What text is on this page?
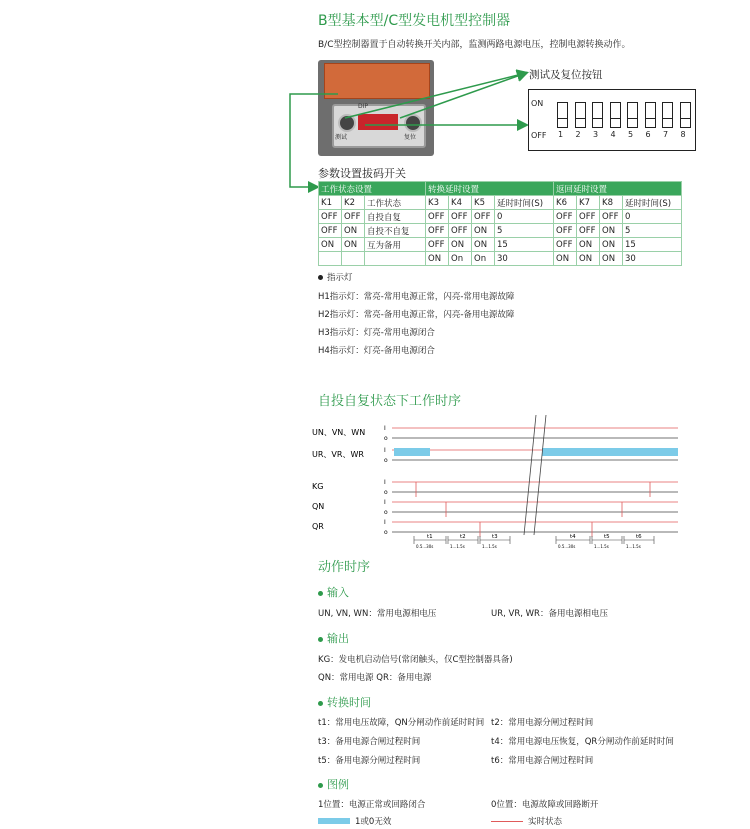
B型基本型/C型发电机型控制器
B/C型控制器置于自动转换开关内部，监测两路电源电压，控制电源转换动作。
DIP
测试	复位
测试及复位按钮
ON
OFF 1 2 3 4 5 6 7 8
参数设置拔码开关
工作状态设置			转换延时设置				返回延时设置			
K1	K2	工作状态	K3	K4	K5	延时时间(S)	K6	K7	K8	延时时间(S)
OFF	OFF	自投自复	OFF	OFF	OFF	0	OFF	OFF	OFF	0
OFF	ON	自投不自复	OFF	OFF	ON	5	OFF	OFF	ON	5
ON	ON	互为备用	OFF	ON	ON	15	OFF	ON	ON	15
			ON	On	On	30	ON	ON	ON	30
指示灯
H1指示灯：常亮-常用电源正常，闪亮-常用电源故障
H2指示灯：常亮-备用电源正常，闪亮-备用电源故障
H3指示灯：灯亮-常用电源闭合
H4指示灯：灯亮-备用电源闭合
自投自复状态下工作时序
UN、VN、WN	I
o
UR、VR、WR	I
o
KG	I
o
QN	I
o
QR	I
o
t1
0.5...30s
t2
1...1.5s
t3
1...1.5s
t4
0.5...30s
t5
1...1.5s
t6
1...1.5s
动作时序
输入
UN, VN, WN：常用电源相电压	UR, VR, WR：备用电源相电压
输出
KG：发电机启动信号(常闭触头，仅C型控制器具备)
QN：常用电源 QR：备用电源
转换时间
t1：常用电压故障，QN分闸动作前延时时间 t2：常用电源分闸过程时间
t3：备用电源合闸过程时间	t4：常用电源电压恢复，QR分闸动作前延时时间
t5：备用电源分闸过程时间	t6：常用电源合闸过程时间
图例
1位置：电源正常或回路闭合	0位置：电源故障或回路断开
1或0无效	实时状态
